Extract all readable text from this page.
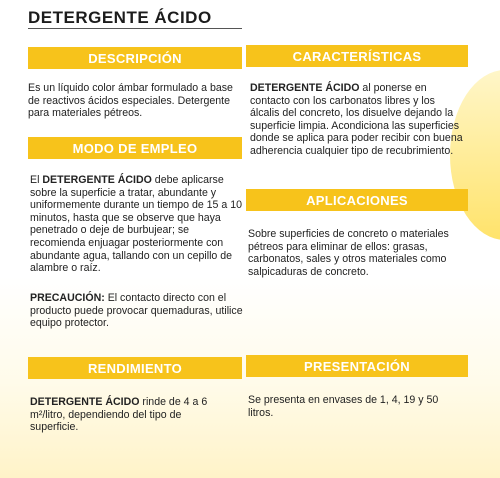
DETERGENTE ÁCIDO
DESCRIPCIÓN

Es un líquido color ámbar formulado a base de reactivos ácidos especiales. Detergente para materiales pétreos.

CARACTERÍSTICAS

DETERGENTE ÁCIDO al ponerse en contacto con los carbonatos libres y los álcalis del concreto, los disuelve dejando la superficie limpia. Acondiciona las superficies donde se aplica para poder recibir con buena adherencia cualquier tipo de recubrimiento.

MODO DE EMPLEO

El DETERGENTE ÁCIDO debe aplicarse sobre la superficie a tratar, abundante y uniformemente durante un tiempo de 15 a 10 minutos, hasta que se observe que haya penetrado o deje de burbujear; se recomienda enjuagar posteriormente con abundante agua, tallando con un cepillo de alambre o raíz.

PRECAUCIÓN: El contacto directo con el producto puede provocar quemaduras, utilice equipo protector.

APLICACIONES

Sobre superficies de concreto o materiales pétreos para eliminar de ellos: grasas, carbonatos, sales y otros materiales como salpicaduras de concreto.

RENDIMIENTO

DETERGENTE ÁCIDO rinde de 4 a 6 m²/litro, dependiendo del tipo de superficie.

PRESENTACIÓN

Se presenta en envases de 1, 4, 19 y 50 litros.
